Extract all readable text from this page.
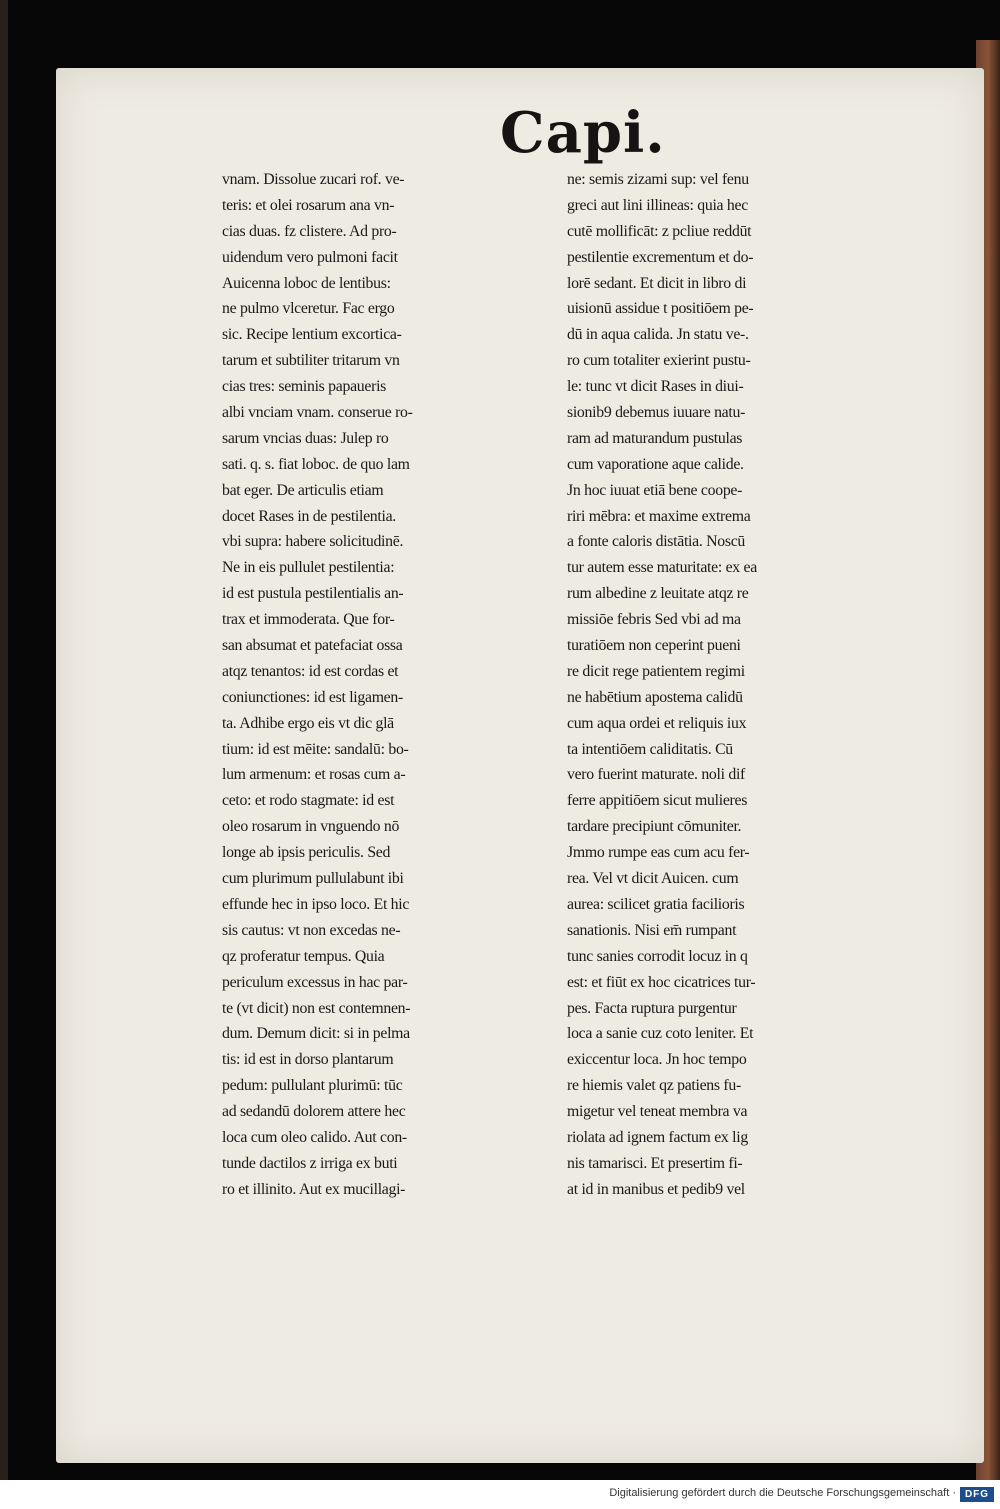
Capi.
vnam. Dissolue zucari rof. ve-
teris: et olei rosarum ana vn-
cias duas. fz clistere. Ad pro-
uidendum vero pulmoni facit
Auicenna loboc de lentibus:
ne pulmo vlceretur. Fac ergo
sic. Recipe lentium excortica-
tarum et subtiliter tritarum vn
cias tres: seminis papaueris
albi vnciam vnam. conserue ro-
sarum vncias duas: Julep ro
sati. q. s. fiat loboc. de quo lam
bat eger. De articulis etiam
docet Rases in de pestilentia.
vbi supra: habere solicitudinē.
Ne in eis pullulet pestilentia:
id est pustula pestilentialis an-
trax et immoderata. Que for-
san absumat et patefaciat ossa
atqz tenantos: id est cordas et
coniunctiones: id est ligamen-
ta. Adhibe ergo eis vt dic glā
tium: id est mēite: sandalū: bo-
lum armenum: et rosas cum a-
ceto: et rodo stagmate: id est
oleo rosarum in vnguendo nō
longe ab ipsis periculis. Sed
cum plurimum pullulabunt ibi
effunde hec in ipso loco. Et hic
sis cautus: vt non excedas ne-
qz proferatur tempus. Quia
periculum excessus in hac par-
te (vt dicit) non est contemnen-
dum. Demum dicit: si in pelma
tis: id est in dorso plantarum
pedum: pullulant plurimū: tūc
ad sedandū dolorem attere hec
loca cum oleo calido. Aut con-
tunde dactilos z irriga ex buti
ro et illinito. Aut ex mucillagi-
ne: semis zizami sup: vel fenu
greci aut lini illineas: quia hec
cutē mollificāt: z pcliue reddūt
pestilentie excrementum et do-
lorē sedant. Et dicit in libro di
uisionū assidue t positiōem pe-
dū in aqua calida. Jn statu ve-.
ro cum totaliter exierint pustu-
le: tunc vt dicit Rases in diui-
sionib9 debemus iuuare natu-
ram ad maturandum pustulas
cum vaporatione aque calide.
Jn hoc iuuat etiā bene coope-
riri mēbra: et maxime extrema
a fonte caloris distātia. Noscū
tur autem esse maturitate: ex ea
rum albedine z leuitate atqz re
missiōe febris Sed vbi ad ma
turatiōem non ceperint pueni
re dicit rege patientem regimi
ne habētium apostema calidū
cum aqua ordei et reliquis iux
ta intentiōem caliditatis. Cū
vero fuerint maturate. noli dif
ferre appitiōem sicut mulieres
tardare precipiunt cōmuniter.
Jmmo rumpe eas cum acu fer-
rea. Vel vt dicit Auicen. cum
aurea: scilicet gratia facilioris
sanationis. Nisi em̄ rumpant
tunc sanies corrodit locuz in q
est: et fiūt ex hoc cicatrices tur-
pes. Facta ruptura purgentur
loca a sanie cuz coto leniter. Et
exiccentur loca. Jn hoc tempo
re hiemis valet qz patiens fu-
migetur vel teneat membra va
riolata ad ignem factum ex lig
nis tamarisci. Et presertim fi-
at id in manibus et pedib9 vel
Digitalisierung gefördert durch die Deutsche Forschungsgemeinschaft · DFG
